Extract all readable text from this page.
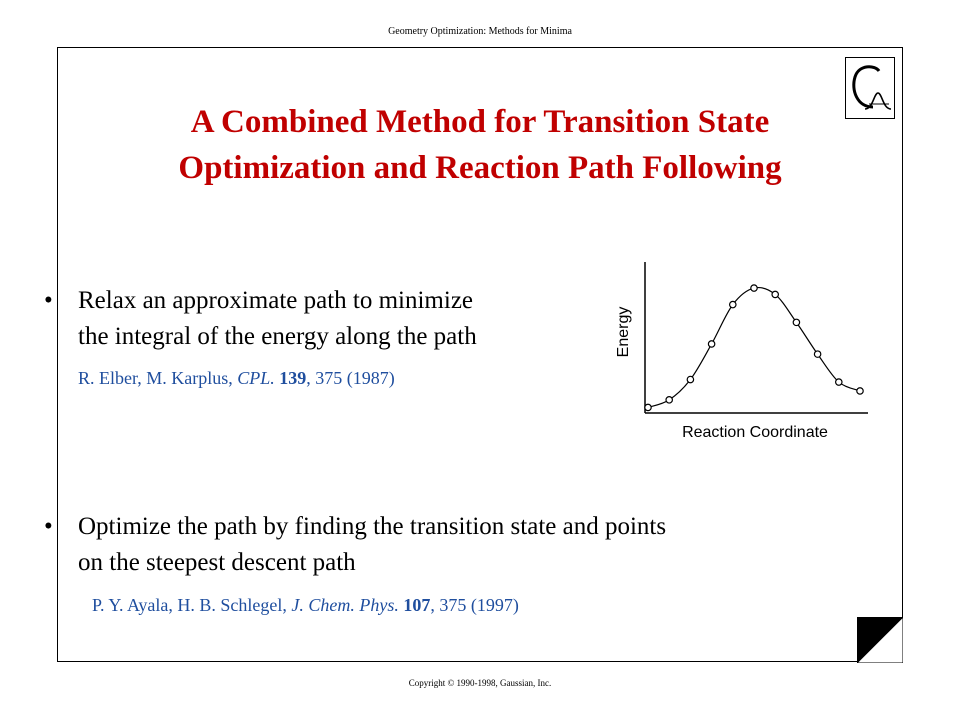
Geometry Optimization: Methods for Minima
A Combined Method for Transition State
Optimization and Reaction Path Following
• Relax an approximate path to minimize
the integral of the energy along the path
R. Elber, M. Karplus, CPL. 139, 375 (1987)
• Optimize the path by finding the transition state and points
on the steepest descent path
P. Y. Ayala, H. B. Schlegel, J. Chem. Phys. 107, 375 (1997)
Energy
Reaction Coordinate
Copyright © 1990-1998, Gaussian, Inc.
